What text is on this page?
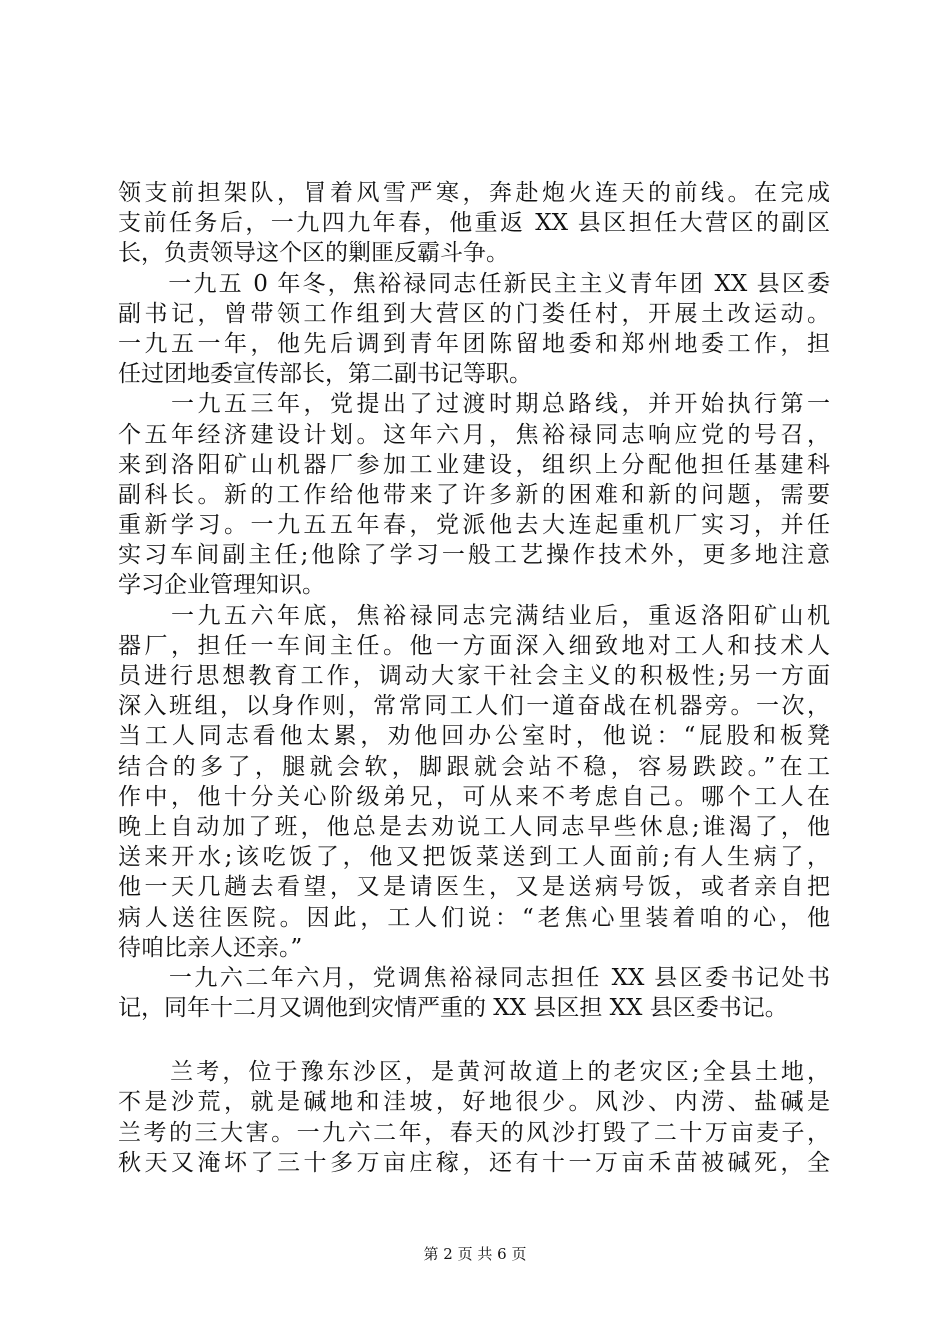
领支前担架队，冒着风雪严寒，奔赴炮火连天的前线。在完成
支前任务后，一九四九年春，他重返 XX 县区担任大营区的副区
长，负责领导这个区的剿匪反霸斗争。
　　一九五 0 年冬，焦裕禄同志任新民主主义青年团 XX 县区委
副书记，曾带领工作组到大营区的门娄任村，开展土改运动。
一九五一年，他先后调到青年团陈留地委和郑州地委工作，担
任过团地委宣传部长，第二副书记等职。
　　一九五三年，党提出了过渡时期总路线，并开始执行第一
个五年经济建设计划。这年六月，焦裕禄同志响应党的号召，
来到洛阳矿山机器厂参加工业建设，组织上分配他担任基建科
副科长。新的工作给他带来了许多新的困难和新的问题，需要
重新学习。一九五五年春，党派他去大连起重机厂实习，并任
实习车间副主任;他除了学习一般工艺操作技术外，更多地注意
学习企业管理知识。
　　一九五六年底，焦裕禄同志完满结业后，重返洛阳矿山机
器厂，担任一车间主任。他一方面深入细致地对工人和技术人
员进行思想教育工作，调动大家干社会主义的积极性;另一方面
深入班组，以身作则，常常同工人们一道奋战在机器旁。一次，
当工人同志看他太累，劝他回办公室时，他说：“屁股和板凳
结合的多了，腿就会软，脚跟就会站不稳，容易跌跤。”在工
作中，他十分关心阶级弟兄，可从来不考虑自己。哪个工人在
晚上自动加了班，他总是去劝说工人同志早些休息;谁渴了，他
送来开水;该吃饭了，他又把饭菜送到工人面前;有人生病了，
他一天几趟去看望，又是请医生，又是送病号饭，或者亲自把
病人送往医院。因此，工人们说：“老焦心里装着咱的心，他
待咱比亲人还亲。”
　　一九六二年六月，党调焦裕禄同志担任 XX 县区委书记处书
记，同年十二月又调他到灾情严重的 XX 县区担 XX 县区委书记。
　　兰考，位于豫东沙区，是黄河故道上的老灾区;全县土地，
不是沙荒，就是碱地和洼坡，好地很少。风沙、内涝、盐碱是
兰考的三大害。一九六二年，春天的风沙打毁了二十万亩麦子，
秋天又淹坏了三十多万亩庄稼，还有十一万亩禾苗被碱死，全
第 2 页 共 6 页
